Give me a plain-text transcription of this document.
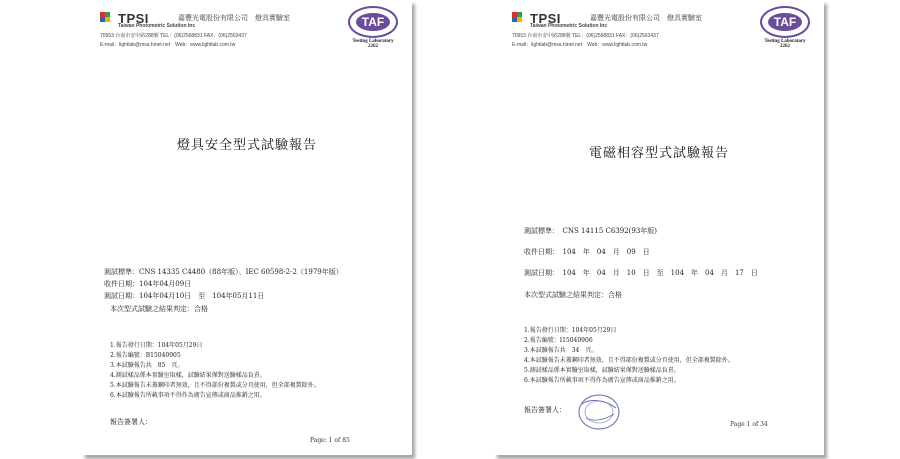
TPSI
Taiwan Photometric Solution Inc
嘉豐光電股份有限公司　燈具實驗室
70953 台南市安中路288號 TEL：(06)2568831 FAX：(06)2563437
E-mail：lightlab@msa.hinet.net　Web：www.lightlab.com.tw
TAF
Testing Laboratory
2262
燈具安全型式試驗報告
測試標準：CNS 14335 C4480（88年版）、IEC 60598-2-2（1979年版）
收件日期：104年04月09日
測試日期：104年04月10日　至　104年05月11日
本次型式試驗之結果判定：合格
1.報告發行日期：104年05月29日
2.報告編號：B15040905
3.本試驗報告共　85　頁。
4.測試樣品係本實驗室取樣，試驗結果僅對送驗樣品負責。
5.本試驗報告未蓋鋼印者無效，且不得部份複製或分頁使用，但全部複製除外。
6.本試驗報告所載事項不得作為廣告宣傳或商品推銷之用。
報告簽署人：
Page: 1 of 85
TPSI
Taiwan Photometric Solution Inc
嘉豐光電股份有限公司　燈具實驗室
70953 台南市安中路288號 TEL：(06)2568831 FAX：(06)2563437
E-mail：lightlab@msa.hinet.net　Web：www.lightlab.com.tw
TAF
Testing Laboratory
2262
電磁相容型式試驗報告
測試標準：　CNS 14115 C6392(93年版)
收件日期：　104　年　04　月　09　日
測試日期：　104　年　04　月　10　日　至　104　年　04　月　17　日
本次型式試驗之結果判定：合格
1.報告發行日期：104年05月29日
2.報告編號：I15040906
3.本試驗報告共　34　頁。
4.本試驗報告未蓋鋼印者無效，且不得部份複製或分頁使用，但全部複製除外。
5.測試樣品係本實驗室取樣，試驗結果僅對送驗樣品負責。
6.本試驗報告所載事項不得作為廣告宣傳或商品推銷之用。
報告簽署人：
Page 1 of 34
